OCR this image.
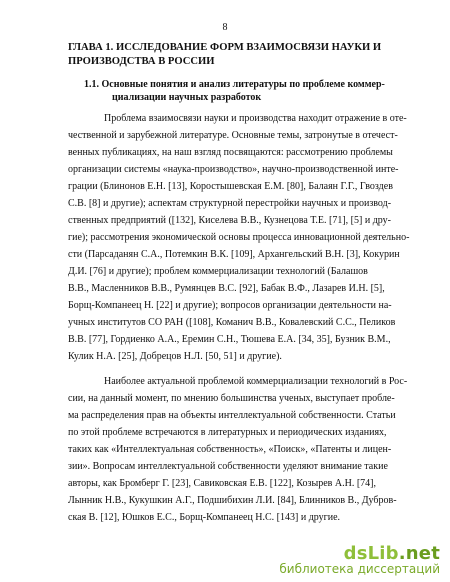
8
ГЛАВА 1. ИССЛЕДОВАНИЕ ФОРМ ВЗАИМОСВЯЗИ НАУКИ И
ПРОИЗВОДСТВА В РОССИИ
1.1. Основные понятия и анализ литературы по проблеме коммер-
циализации научных разработок
Проблема взаимосвязи науки и производства находит отражение в оте-
чественной и зарубежной литературе. Основные темы, затронутые в отечест-
венных публикациях, на наш взгляд посвящаются: рассмотрению проблемы
организации системы «наука-производство», научно-производственной инте-
грации (Блинонов Е.Н. [13], Коростышевская Е.М. [80], Балаян Г.Г., Гвоздев
С.В. [8] и другие); аспектам структурной перестройки научных и производ-
ственных предприятий ([132], Киселева В.В., Кузнецова Т.Е. [71], [5] и дру-
гие); рассмотрения экономической основы процесса инновационной деятельно-
сти (Парсаданян С.А., Потемкин В.К. [109], Архангельский В.Н. [3], Кокурин
Д.И. [76] и другие); проблем коммерциализации технологий (Балашов
В.В., Масленников В.В., Румянцев В.С. [92], Бабак В.Ф., Лазарев И.Н. [5],
Борщ-Компанеец Н. [22] и другие); вопросов организации деятельности на-
учных институтов СО РАН ([108], Команич В.В., Ковалевский С.С., Пеликов
В.В. [77], Гордиенко А.А., Еремин С.Н., Тюшева Е.А. [34, 35], Бузник В.М.,
Кулик Н.А. [25], Добрецов Н.Л. [50, 51] и другие).
Наиболее актуальной проблемой коммерциализации технологий в Рос-
сии, на данный момент, по мнению большинства ученых, выступает пробле-
ма распределения прав на объекты интеллектуальной собственности. Статьи
по этой проблеме встречаются в литературных и периодических изданиях,
таких как «Интеллектуальная собственность», «Поиск», «Патенты и лицен-
зии». Вопросам интеллектуальной собственности уделяют внимание такие
авторы, как Бромберг Г. [23], Савиковская Е.В. [122], Козырев А.Н. [74],
Лынник Н.В., Кукушкин А.Г., Подшибихин Л.И. [84], Блинников В., Дубров-
ская В. [12], Юшков Е.С., Борщ-Компанеец Н.С. [143] и другие.
dsLib.net
библиотека диссертаций
